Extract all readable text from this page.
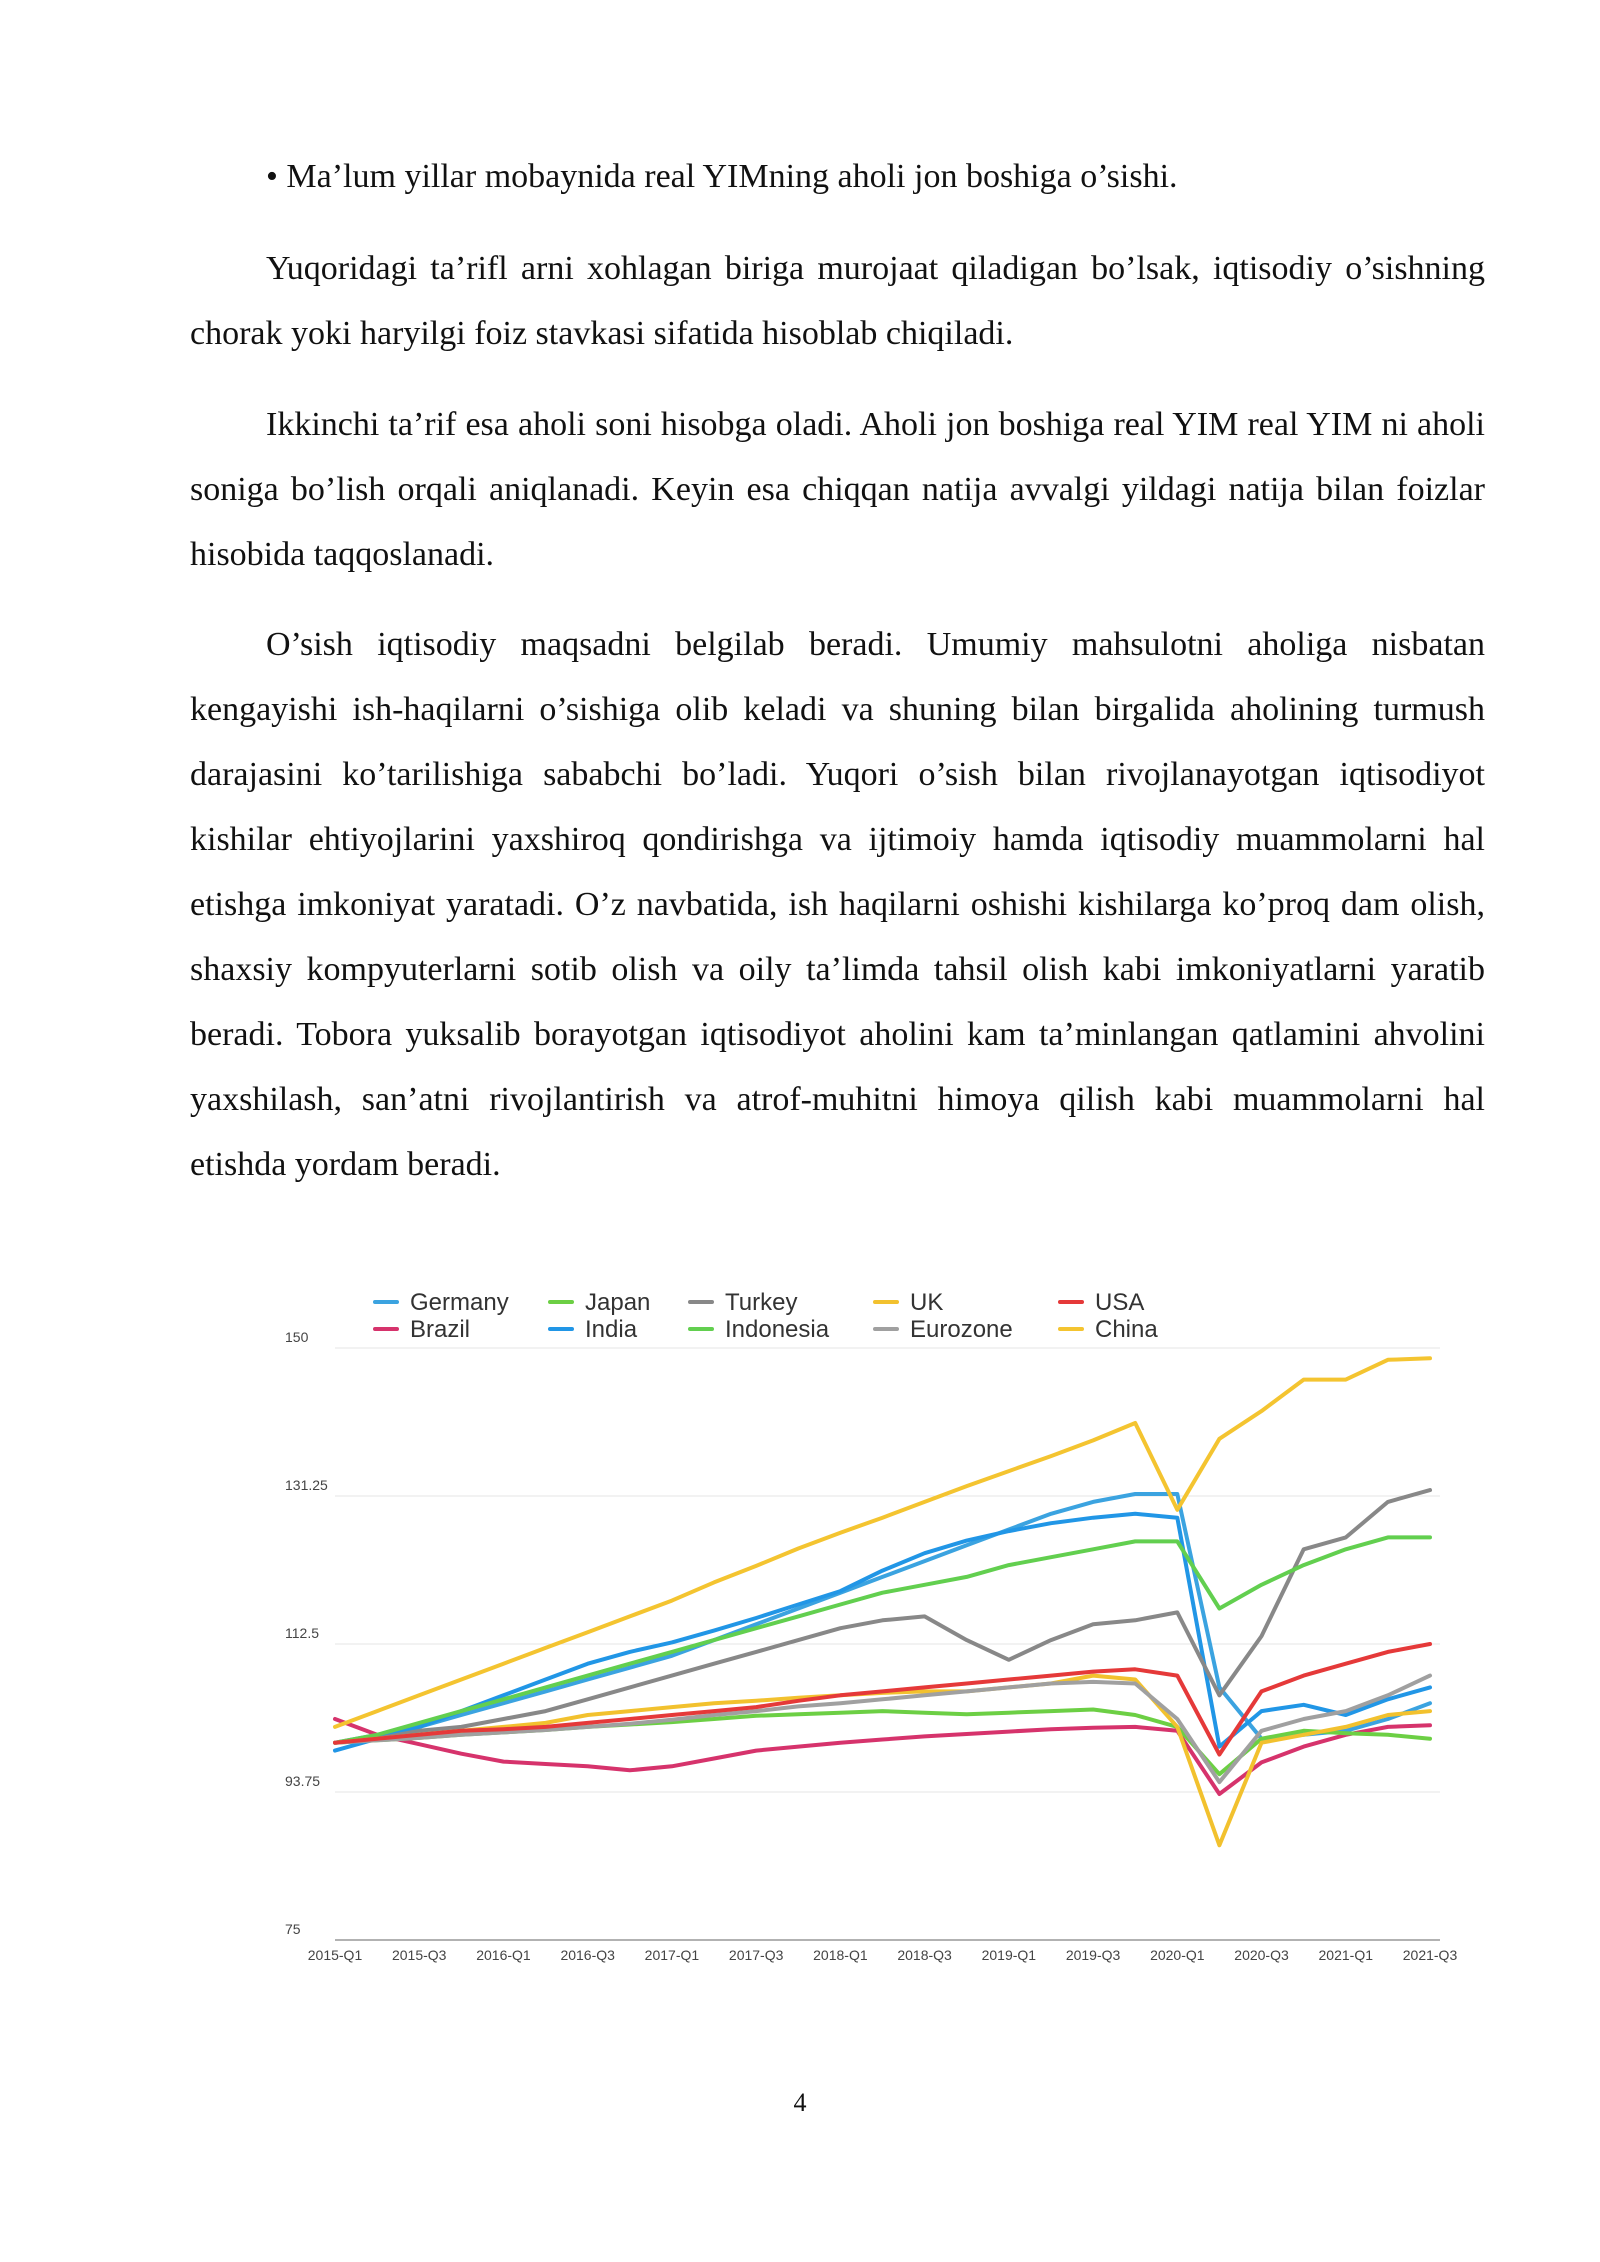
• Ma’lum yillar mobaynida real YIMning aholi jon boshiga o’sishi.

Yuqoridagi ta’rifl arni xohlagan biriga murojaat qiladigan bo’lsak, iqtisodiy o’sishning chorak yoki haryilgi foiz stavkasi sifatida hisoblab chiqiladi.

Ikkinchi ta’rif esa aholi soni hisobga oladi. Aholi jon boshiga real YIM real YIM ni aholi soniga bo’lish orqali aniqlanadi. Keyin esa chiqqan natija avvalgi yildagi natija bilan foizlar hisobida taqqoslanadi.

O’sish iqtisodiy maqsadni belgilab beradi. Umumiy mahsulotni aholiga nisbatan kengayishi ish-haqilarni o’sishiga olib keladi va shuning bilan birgalida aholining turmush darajasini ko’tarilishiga sababchi bo’ladi. Yuqori o’sish bilan rivojlanayotgan iqtisodiyot kishilar ehtiyojlarini yaxshiroq qondirishga va ijtimoiy hamda iqtisodiy muammolarni hal etishga imkoniyat yaratadi. O’z navbatida, ish haqilarni oshishi kishilarga ko’proq dam olish, shaxsiy kompyuterlarni sotib olish va oily ta’limda tahsil olish kabi imkoniyatlarni yaratib beradi. Tobora yuksalib borayotgan iqtisodiyot aholini kam ta’minlangan qatlamini ahvolini yaxshilash, san’atni rivojlantirish va atrof-muhitni himoya qilish kabi muammolarni hal etishda yordam beradi.

Germany
Brazil
Japan
India
Turkey
Indonesia
UK
Eurozone
USA
China
75
93.75
112.5
131.25
150
2015-Q1 2015-Q3 2016-Q1 2016-Q3 2017-Q1 2017-Q3 2018-Q1 2018-Q3 2019-Q1 2019-Q3 2020-Q1 2020-Q3 2021-Q1 2021-Q3
4
